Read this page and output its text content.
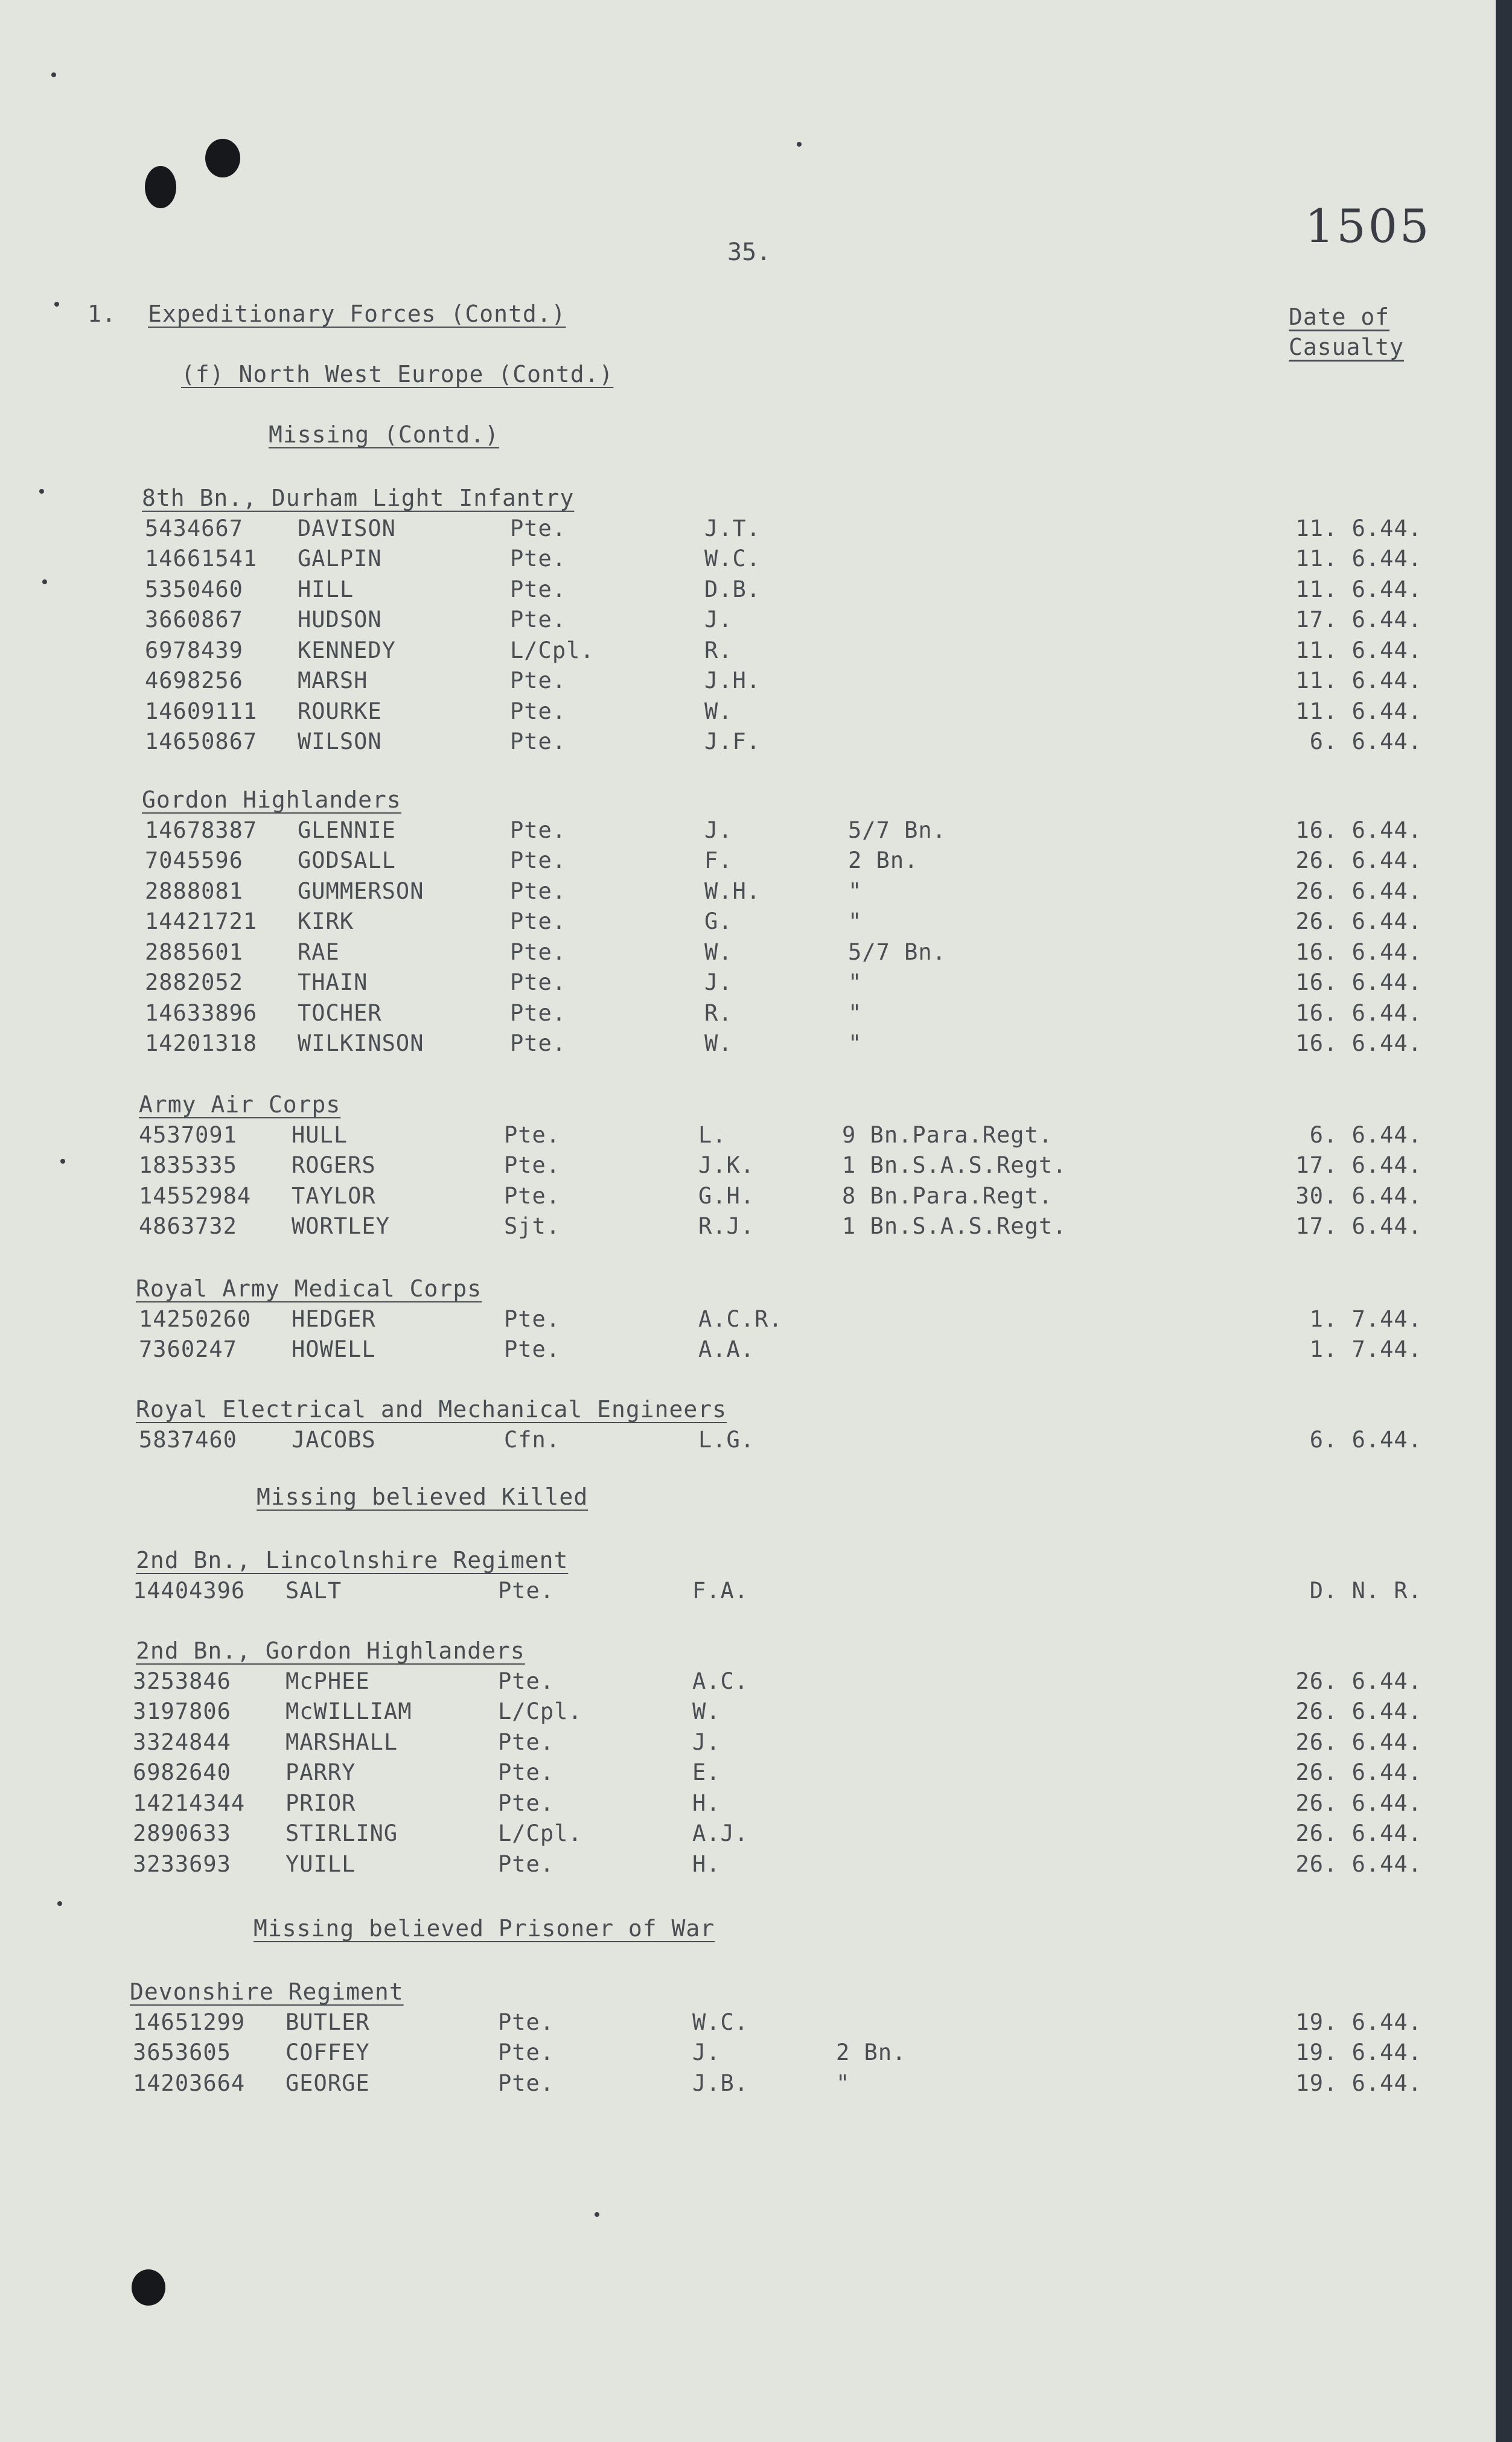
1505
35.
1. Expeditionary Forces (Contd.)	Date of
Casualty
(f) North West Europe (Contd.)
Missing (Contd.)
8th Bn., Durham Light Infantry
5434667 DAVISON	Pte.	J.T.	11. 6.44.
14661541 GALPIN	Pte.	W.C.	11. 6.44.
5350460 HILL	Pte.	D.B.	11. 6.44.
3660867 HUDSON	Pte.	J.	17. 6.44.
6978439 KENNEDY	L/Cpl.	R.	11. 6.44.
4698256 MARSH	Pte.	J.H.	11. 6.44.
14609111 ROURKE	Pte.	W.	11. 6.44.
14650867 WILSON	Pte.	J.F.	6. 6.44.
Gordon Highlanders
14678387 GLENNIE	Pte.	J.	5/7 Bn.	16. 6.44.
7045596 GODSALL	Pte.	F.	2 Bn.	26. 6.44.
2888081 GUMMERSON	Pte.	W.H.	"	26. 6.44.
14421721 KIRK	Pte.	G.	"	26. 6.44.
2885601 RAE	Pte.	W.	5/7 Bn.	16. 6.44.
2882052 THAIN	Pte.	J.	"	16. 6.44.
14633896 TOCHER	Pte.	R.	"	16. 6.44.
14201318 WILKINSON	Pte.	W.	"	16. 6.44.
Army Air Corps
4537091 HULL	Pte.	L.	9 Bn.Para.Regt.	6. 6.44.
1835335 ROGERS	Pte.	J.K.	1 Bn.S.A.S.Regt.	17. 6.44.
14552984 TAYLOR	Pte.	G.H.	8 Bn.Para.Regt.	30. 6.44.
4863732 WORTLEY	Sjt.	R.J.	1 Bn.S.A.S.Regt.	17. 6.44.
Royal Army Medical Corps
14250260 HEDGER	Pte.	A.C.R.	1. 7.44.
7360247 HOWELL	Pte.	A.A.	1. 7.44.
Royal Electrical and Mechanical Engineers
5837460 JACOBS	Cfn.	L.G.	6. 6.44.
Missing believed Killed
2nd Bn., Lincolnshire Regiment
14404396 SALT	Pte.	F.A.	D. N. R.
2nd Bn., Gordon Highlanders
3253846 McPHEE	Pte.	A.C.	26. 6.44.
3197806 McWILLIAM	L/Cpl.	W.	26. 6.44.
3324844 MARSHALL	Pte.	J.	26. 6.44.
6982640 PARRY	Pte.	E.	26. 6.44.
14214344 PRIOR	Pte.	H.	26. 6.44.
2890633 STIRLING	L/Cpl.	A.J.	26. 6.44.
3233693 YUILL	Pte.	H.	26. 6.44.
Missing believed Prisoner of War
Devonshire Regiment
14651299 BUTLER	Pte.	W.C.	19. 6.44.
3653605 COFFEY	Pte.	J.	2 Bn.	19. 6.44.
14203664 GEORGE	Pte.	J.B.	"	19. 6.44.
